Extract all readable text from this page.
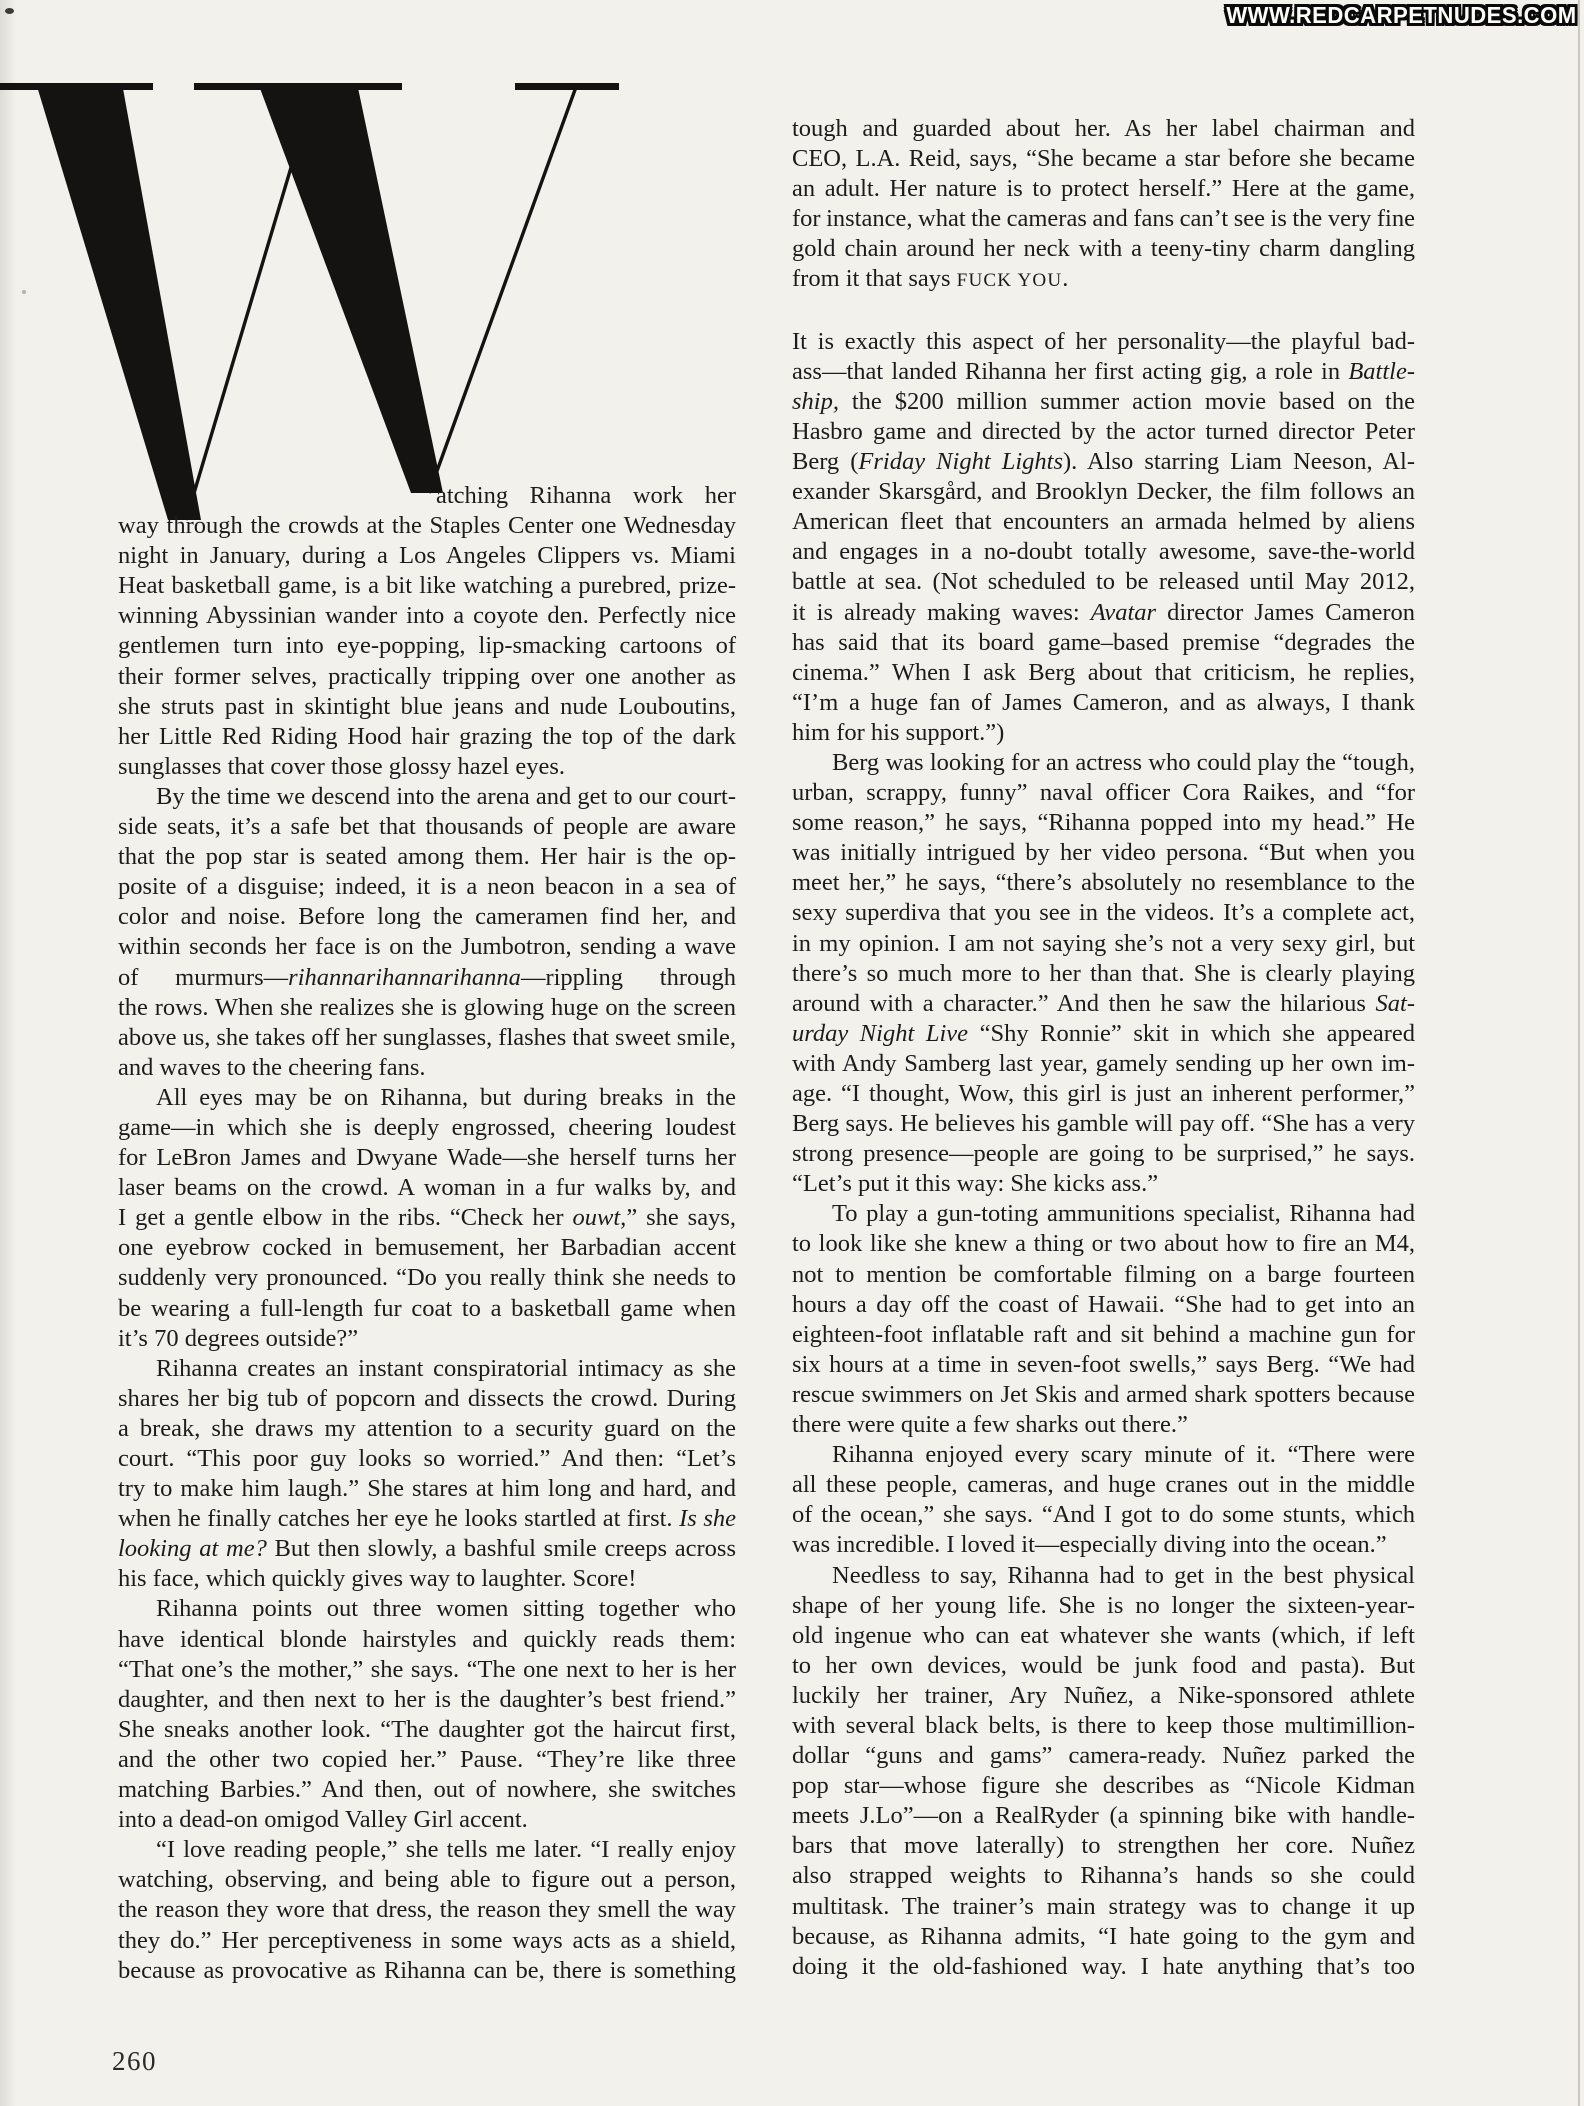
WWW.REDCARPETNUDES.COM
atching Rihanna work her
way through the crowds at the Staples Center one Wednesday
night in January, during a Los Angeles Clippers vs. Miami
Heat basketball game, is a bit like watching a purebred, prize-
winning Abyssinian wander into a coyote den. Perfectly nice
gentlemen turn into eye-popping, lip-smacking cartoons of
their former selves, practically tripping over one another as
she struts past in skintight blue jeans and nude Louboutins,
her Little Red Riding Hood hair grazing the top of the dark
sunglasses that cover those glossy hazel eyes.
By the time we descend into the arena and get to our court-
side seats, it’s a safe bet that thousands of people are aware
that the pop star is seated among them. Her hair is the op-
posite of a disguise; indeed, it is a neon beacon in a sea of
color and noise. Before long the cameramen find her, and
within seconds her face is on the Jumbotron, sending a wave
of murmurs—rihannarihannarihanna—rippling through
the rows. When she realizes she is glowing huge on the screen
above us, she takes off her sunglasses, flashes that sweet smile,
and waves to the cheering fans.
All eyes may be on Rihanna, but during breaks in the
game—in which she is deeply engrossed, cheering loudest
for LeBron James and Dwyane Wade—she herself turns her
laser beams on the crowd. A woman in a fur walks by, and
I get a gentle elbow in the ribs. “Check her ouwt,” she says,
one eyebrow cocked in bemusement, her Barbadian accent
suddenly very pronounced. “Do you really think she needs to
be wearing a full-length fur coat to a basketball game when
it’s 70 degrees outside?”
Rihanna creates an instant conspiratorial intimacy as she
shares her big tub of popcorn and dissects the crowd. During
a break, she draws my attention to a security guard on the
court. “This poor guy looks so worried.” And then: “Let’s
try to make him laugh.” She stares at him long and hard, and
when he finally catches her eye he looks startled at first. Is she
looking at me? But then slowly, a bashful smile creeps across
his face, which quickly gives way to laughter. Score!
Rihanna points out three women sitting together who
have identical blonde hairstyles and quickly reads them:
“That one’s the mother,” she says. “The one next to her is her
daughter, and then next to her is the daughter’s best friend.”
She sneaks another look. “The daughter got the haircut first,
and the other two copied her.” Pause. “They’re like three
matching Barbies.” And then, out of nowhere, she switches
into a dead-on omigod Valley Girl accent.
“I love reading people,” she tells me later. “I really enjoy
watching, observing, and being able to figure out a person,
the reason they wore that dress, the reason they smell the way
they do.” Her perceptiveness in some ways acts as a shield,
because as provocative as Rihanna can be, there is something
tough and guarded about her. As her label chairman and
CEO, L.A. Reid, says, “She became a star before she became
an adult. Her nature is to protect herself.” Here at the game,
for instance, what the cameras and fans can’t see is the very fine
gold chain around her neck with a teeny-tiny charm dangling
from it that says FUCK YOU.
It is exactly this aspect of her personality—the playful bad-
ass—that landed Rihanna her first acting gig, a role in Battle-
ship, the $200 million summer action movie based on the
Hasbro game and directed by the actor turned director Peter
Berg (Friday Night Lights). Also starring Liam Neeson, Al-
exander Skarsgård, and Brooklyn Decker, the film follows an
American fleet that encounters an armada helmed by aliens
and engages in a no-doubt totally awesome, save-the-world
battle at sea. (Not scheduled to be released until May 2012,
it is already making waves: Avatar director James Cameron
has said that its board game–based premise “degrades the
cinema.” When I ask Berg about that criticism, he replies,
“I’m a huge fan of James Cameron, and as always, I thank
him for his support.”)
Berg was looking for an actress who could play the “tough,
urban, scrappy, funny” naval officer Cora Raikes, and “for
some reason,” he says, “Rihanna popped into my head.” He
was initially intrigued by her video persona. “But when you
meet her,” he says, “there’s absolutely no resemblance to the
sexy superdiva that you see in the videos. It’s a complete act,
in my opinion. I am not saying she’s not a very sexy girl, but
there’s so much more to her than that. She is clearly playing
around with a character.” And then he saw the hilarious Sat-
urday Night Live “Shy Ronnie” skit in which she appeared
with Andy Samberg last year, gamely sending up her own im-
age. “I thought, Wow, this girl is just an inherent performer,”
Berg says. He believes his gamble will pay off. “She has a very
strong presence—people are going to be surprised,” he says.
“Let’s put it this way: She kicks ass.”
To play a gun-toting ammunitions specialist, Rihanna had
to look like she knew a thing or two about how to fire an M4,
not to mention be comfortable filming on a barge fourteen
hours a day off the coast of Hawaii. “She had to get into an
eighteen-foot inflatable raft and sit behind a machine gun for
six hours at a time in seven-foot swells,” says Berg. “We had
rescue swimmers on Jet Skis and armed shark spotters because
there were quite a few sharks out there.”
Rihanna enjoyed every scary minute of it. “There were
all these people, cameras, and huge cranes out in the middle
of the ocean,” she says. “And I got to do some stunts, which
was incredible. I loved it—especially diving into the ocean.”
Needless to say, Rihanna had to get in the best physical
shape of her young life. She is no longer the sixteen-year-
old ingenue who can eat whatever she wants (which, if left
to her own devices, would be junk food and pasta). But
luckily her trainer, Ary Nuñez, a Nike-sponsored athlete
with several black belts, is there to keep those multimillion-
dollar “guns and gams” camera-ready. Nuñez parked the
pop star—whose figure she describes as “Nicole Kidman
meets J.Lo”—on a RealRyder (a spinning bike with handle-
bars that move laterally) to strengthen her core. Nuñez
also strapped weights to Rihanna’s hands so she could
multitask. The trainer’s main strategy was to change it up
because, as Rihanna admits, “I hate going to the gym and
doing it the old-fashioned way. I hate anything that’s too
260
